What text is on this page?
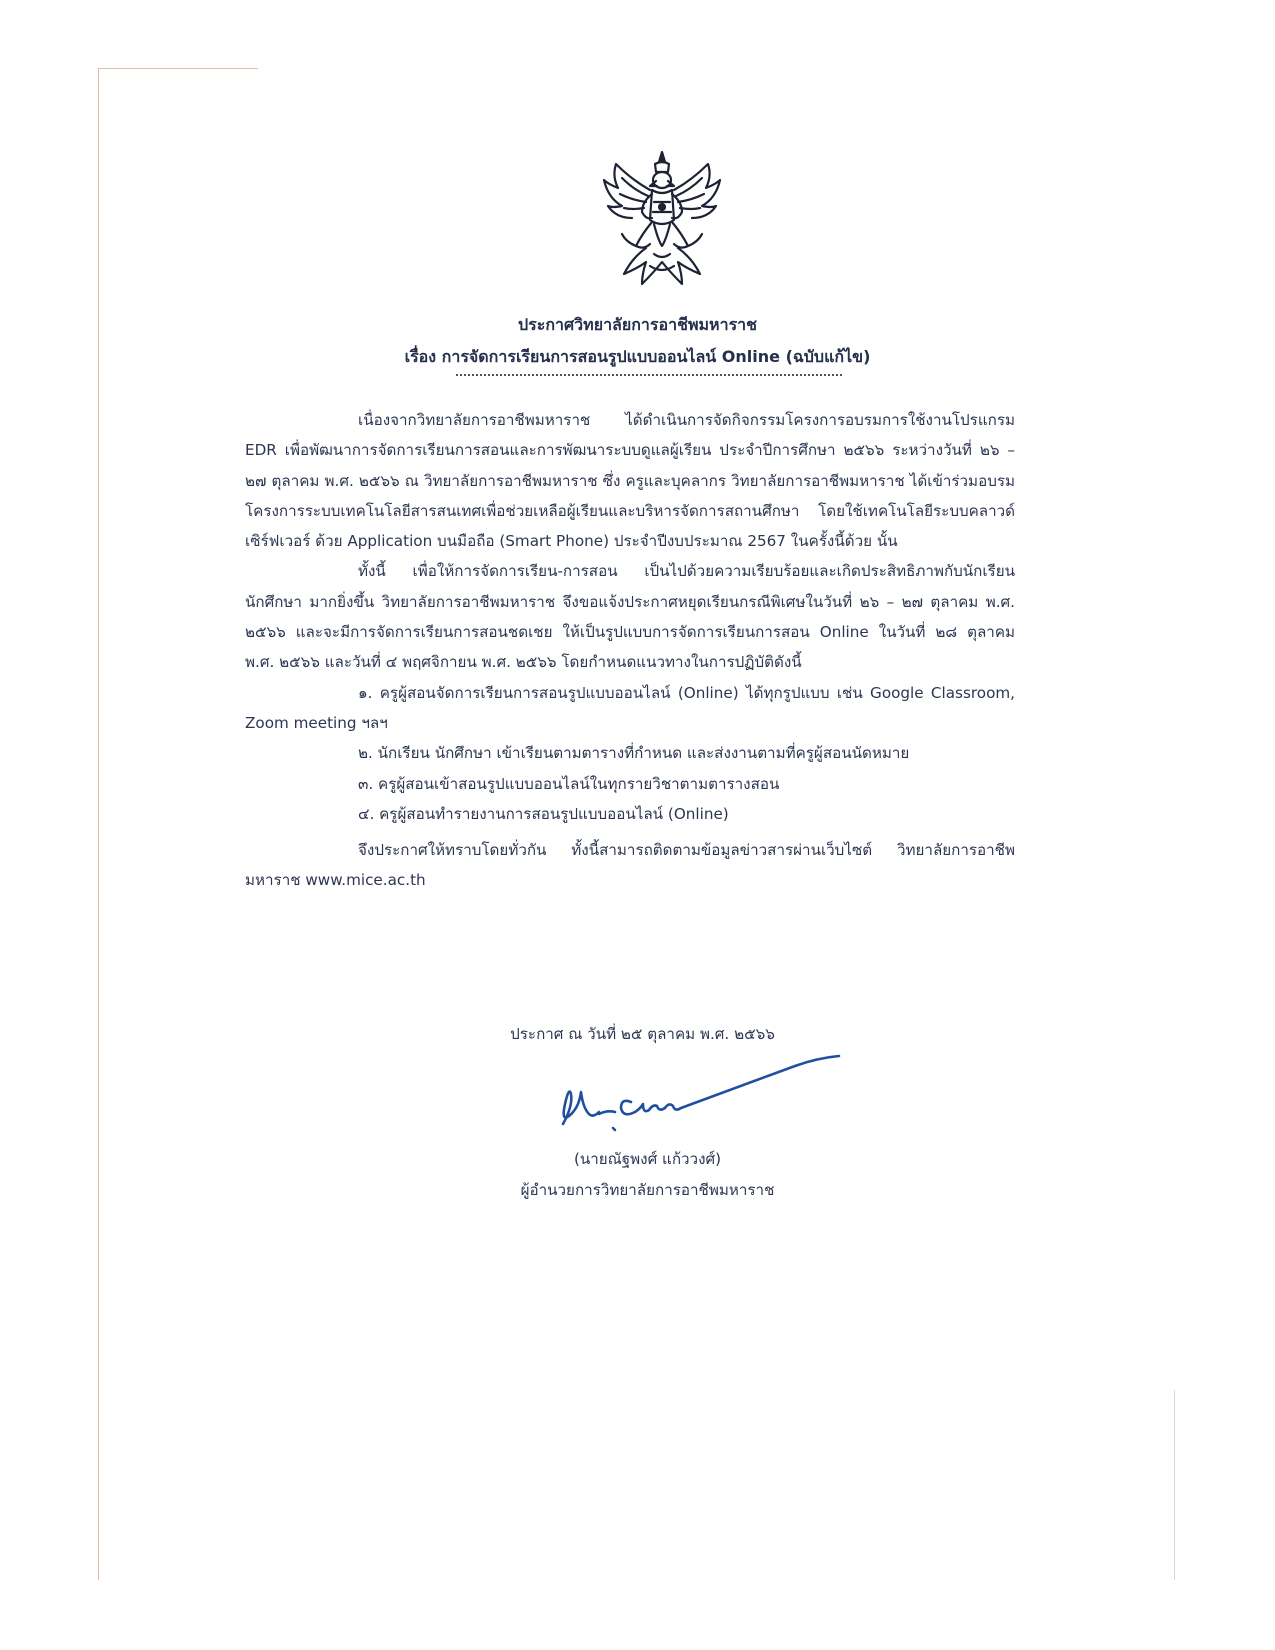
ประกาศวิทยาลัยการอาชีพมหาราช
เรื่อง การจัดการเรียนการสอนรูปแบบออนไลน์ Online (ฉบับแก้ไข)

เนื่องจากวิทยาลัยการอาชีพมหาราช ได้ดำเนินการจัดกิจกรรมโครงการอบรมการใช้งานโปรแกรม EDR เพื่อพัฒนาการจัดการเรียนการสอนและการพัฒนาระบบดูแลผู้เรียน ประจำปีการศึกษา ๒๕๖๖ ระหว่างวันที่ ๒๖ – ๒๗ ตุลาคม พ.ศ. ๒๕๖๖ ณ วิทยาลัยการอาชีพมหาราช ซึ่ง ครูและบุคลากร วิทยาลัยการอาชีพมหาราช ได้เข้าร่วมอบรมโครงการระบบเทคโนโลยีสารสนเทศเพื่อช่วยเหลือผู้เรียนและบริหารจัดการสถานศึกษา โดยใช้เทคโนโลยีระบบคลาวด์เซิร์ฟเวอร์ ด้วย Application บนมือถือ (Smart Phone) ประจำปีงบประมาณ 2567 ในครั้งนี้ด้วย นั้น

ทั้งนี้ เพื่อให้การจัดการเรียน-การสอน เป็นไปด้วยความเรียบร้อยและเกิดประสิทธิภาพกับนักเรียน นักศึกษา มากยิ่งขึ้น วิทยาลัยการอาชีพมหาราช จึงขอแจ้งประกาศหยุดเรียนกรณีพิเศษในวันที่ ๒๖ – ๒๗ ตุลาคม พ.ศ. ๒๕๖๖ และจะมีการจัดการเรียนการสอนชดเชย ให้เป็นรูปแบบการจัดการเรียนการสอน Online ในวันที่ ๒๘ ตุลาคม พ.ศ. ๒๕๖๖ และวันที่ ๔ พฤศจิกายน พ.ศ. ๒๕๖๖ โดยกำหนดแนวทางในการปฏิบัติดังนี้

๑. ครูผู้สอนจัดการเรียนการสอนรูปแบบออนไลน์ (Online) ได้ทุกรูปแบบ เช่น Google Classroom, Zoom meeting ฯลฯ

๒. นักเรียน นักศึกษา เข้าเรียนตามตารางที่กำหนด และส่งงานตามที่ครูผู้สอนนัดหมาย

๓. ครูผู้สอนเข้าสอนรูปแบบออนไลน์ในทุกรายวิชาตามตารางสอน

๔. ครูผู้สอนทำรายงานการสอนรูปแบบออนไลน์ (Online)

จึงประกาศให้ทราบโดยทั่วกัน ทั้งนี้สามารถติดตามข้อมูลข่าวสารผ่านเว็บไซต์ วิทยาลัยการอาชีพมหาราช www.mice.ac.th

ประกาศ ณ วันที่ ๒๕ ตุลาคม พ.ศ. ๒๕๖๖
(นายณัฐพงศ์ แก้ววงศ์)
ผู้อำนวยการวิทยาลัยการอาชีพมหาราช
